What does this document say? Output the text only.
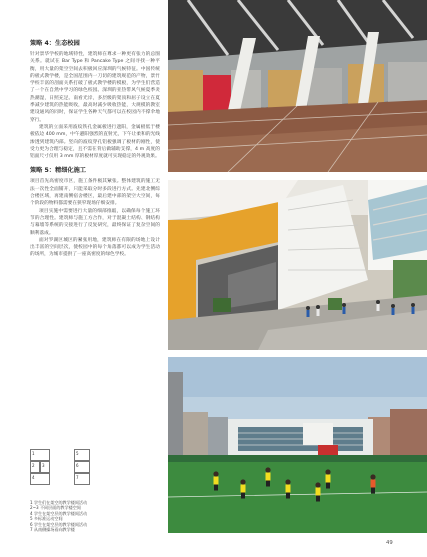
策略 4：生态校园

针对景华学校的地域特性，建筑师在尊求一种更有张力的总图关系。就试在 Bar Type 和 Pancake Type 之间寻找一种平衡，用大量的架空空间去积极回应深圳的气候特征。中国传统的板式教学楼，是全国范围内一刀切的建筑规范的产物，景竹学校丰富的剖面关系打破了板式教学楼的模板，为学生们营造了一个在自然中学习的绿色校园。深圳的亚热带风气候夏季炎热潮湿，日照充足。南看光岸，多层级的架顶和屈子设立在夏季减少建筑的热能吸收，最高时减少吸收热能，大规模的教室建设通风的同时，保证学生各种天气都可以在校园内不撑伞地穿行。

建筑的立面采用波纹铁孔金属板进行遮阳，金属板低于楼板依边 400 mm，中午避阳强烈的直射光，下午让柔和的光线渗透到建筑内部。竖向的波纹穿孔铝板强调了板材的刚性，使受力更为合理与稳定，且不需在背后做辅助支撑，4 m 高度的铝面尺寸仅用 3 mm 厚的板材厚度就可实现稳定的外观效果。

策略 5：精细化施工

项目首先高密度市区，施工条件极其紧张。整体建筑的施工无法一次性全面铺开，只能采取分时多段进行方式。先建北侧综合楼区域，再建南侧宿舍楼区，最后建中部的架空大空间，每个阶段的物料都需要在狭窄现场仔细安排。

项目实施中需要进行大量的细部推敲，以确保每个施工环节的合理性。建筑师与施工方合作，对于混凝土结构、钢结构与幕墙等系统的交接进行了反复研究，最终保证了复杂空间的顺利落成。

面对罗湖区城区的紧张用地，建筑师在有限的场地上设计出丰富的空间层次，使校园中的每个角落都可以成为学生活动的场所，为城市提供了一座高密度的绿色学校。

1
2	3
4
5
6
7
1 学生们在架空的教学楼间活动
2~3 不同层面的教学楼空间
4 学生在架空层的教学楼间活动
5 多标准运动空间
6 学生在架空层的教学楼间活动
7 从南侧操场看向教学楼
49
